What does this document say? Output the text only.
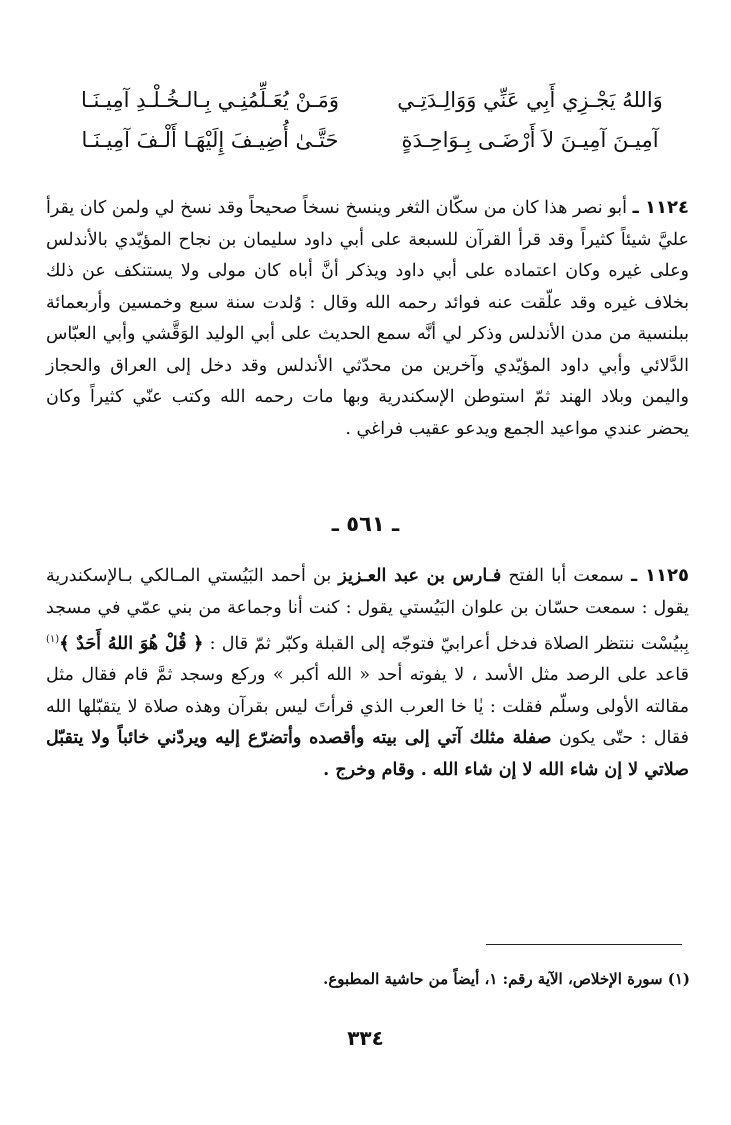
وَاللهُ يَجْـزِي أَبِي عَنِّي وَوَالِـدَتِـي
وَمَـنْ يُعَـلِّمُنِـي بِـالـخُـلْـدِ آمِيـنَـا
آمِيـنَ آمِيـنَ لاَ أَرْضَـى بِـوَاحِـدَةٍ
حَتَّـىٰ أُضِيـفَ إِلَيْهَـا أَلْـفَ آمِيـنَـا

١١٢٤ ـ أبو نصر هذا كان من سكّان الثغر وينسخ نسخاً صحيحاً وقد نسخ لي ولمن كان يقرأ عليَّ شيئاً كثيراً وقد قرأ القرآن للسبعة على أبي داود سليمان بن نجاح المؤيّدي بالأندلس وعلى غيره وكان اعتماده على أبي داود ويذكر أنَّ أباه كان مولى ولا يستنكف عن ذلك بخلاف غيره وقد علّقت عنه فوائد رحمه الله وقال : وُلدت سنة سبع وخمسين وأربعمائة ببلنسية من مدن الأندلس وذكر لي أنَّه سمع الحديث على أبي الوليد الوَقَّشي وأبي العبّاس الدَّلائي وأبي داود المؤيّدي وآخرين من محدّثي الأندلس وقد دخل إلى العراق والحجاز واليمن وبلاد الهند ثمّ استوطن الإسكندرية وبها مات رحمه الله وكتب عنّي كثيراً وكان يحضر عندي مواعيد الجمع ويدعو عقيب فراغي .

ـ ٥٦١ ـ

١١٢٥ ـ سمعت أبا الفتح فـارس بن عبد العـزيز بن أحمد البَيُستي المـالكي بـالإسكندرية يقول : سمعت حسّان بن علوان البَيُستي يقول : كنت أنا وجماعة من بني عمّي في مسجد بِبيُسْت ننتظر الصلاة فدخل أعرابيّ فتوجّه إلى القبلة وكبّر ثمّ قال : ﴿ قُلْ هُوَ اللهُ أَحَدٌ ﴾$^{(١)}$ قاعد على الرصد مثل الأسد ، لا يفوته أحد « الله أكبر » وركع وسجد ثمَّ قام فقال مثل مقالته الأولى وسلّم فقلت : يٰا خا العرب الذي قرأتَ ليس بقرآن وهذه صلاة لا يتقبّلها الله فقال : حتّى يكون صفلة مثلك آتي إلى بيته وأقصده وأتضرّع إليه ويردّني خائباً ولا يتقبّل صلاتي لا إن شاء الله لا إن شاء الله . وقام وخرج .

(١) سورة الإخلاص، الآية رقم: ١، أيضاً من حاشية المطبوع.
٣٣٤
